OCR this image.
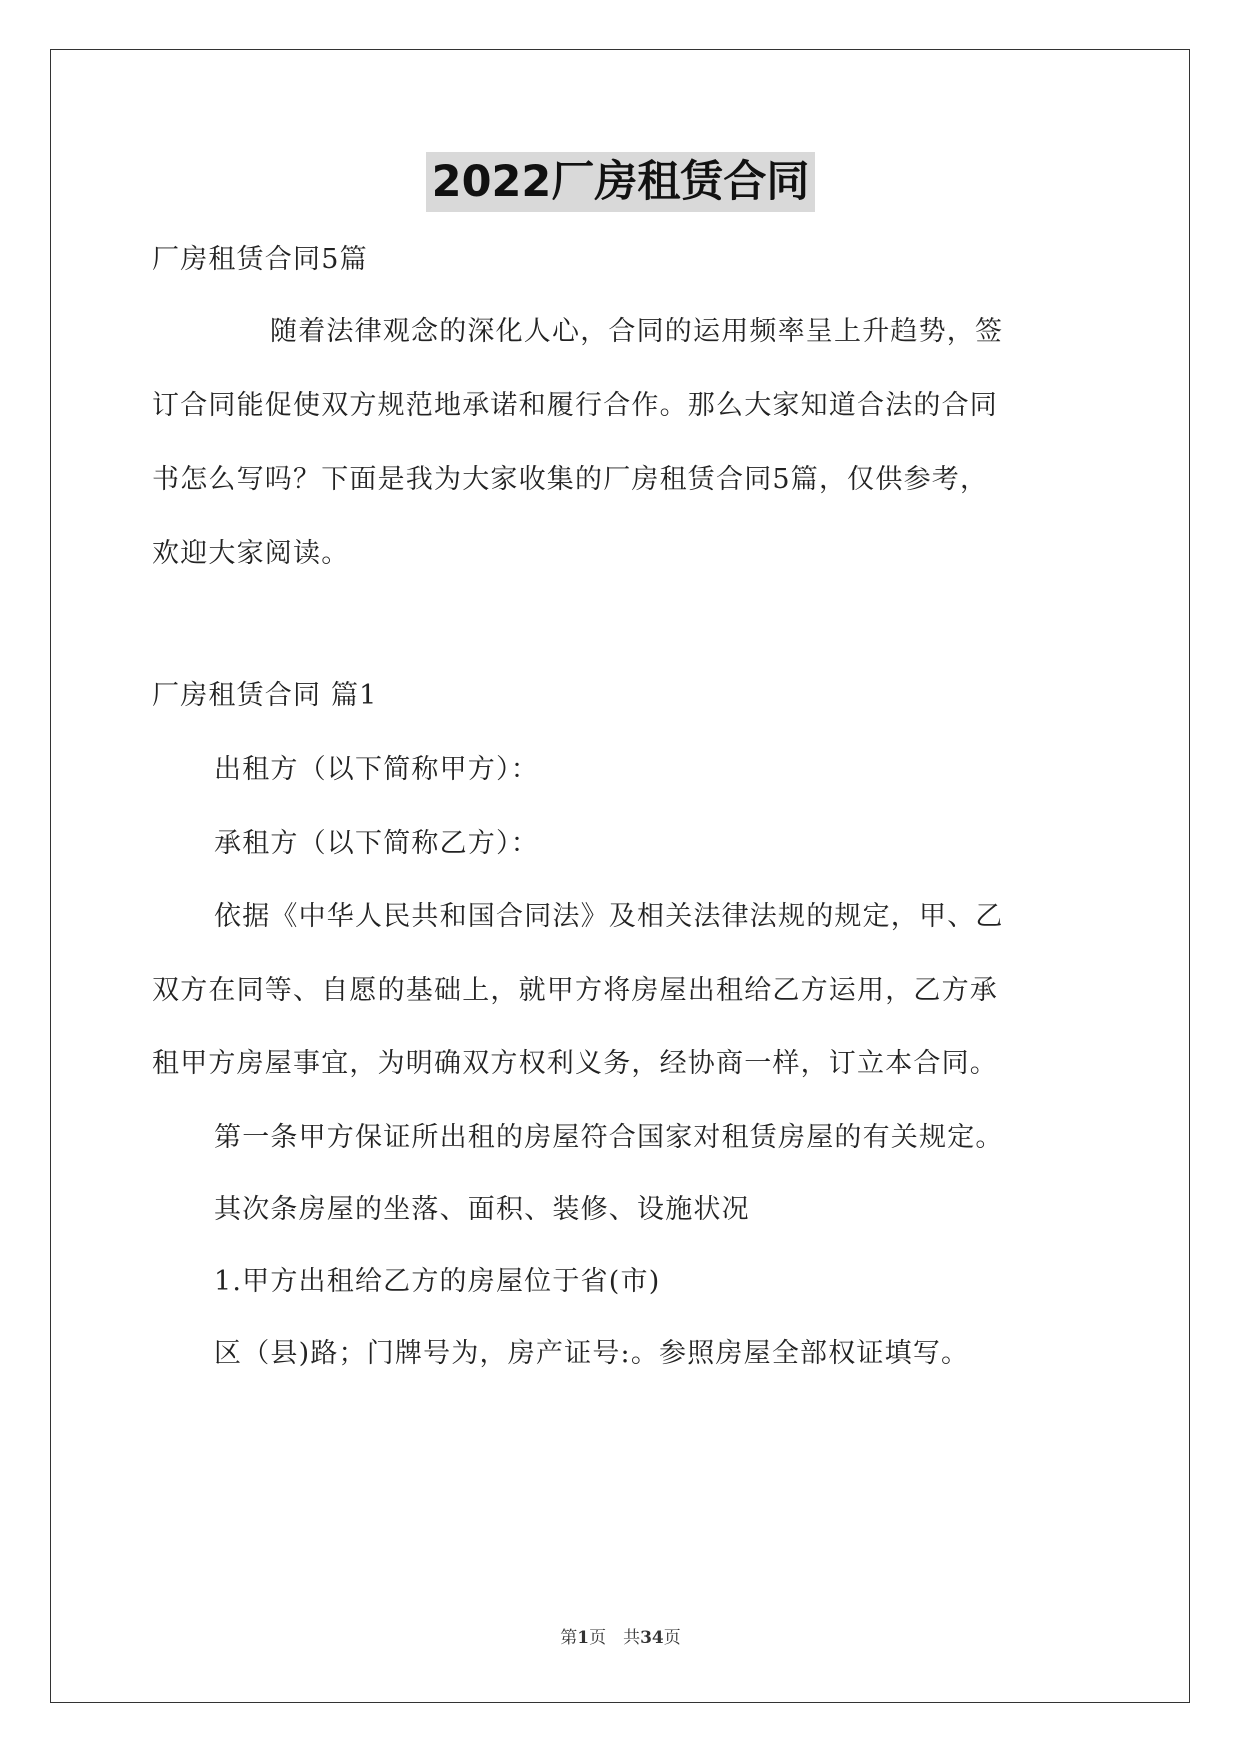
2022厂房租赁合同
厂房租赁合同5篇
随着法律观念的深化人心，合同的运用频率呈上升趋势，签
订合同能促使双方规范地承诺和履行合作。那么大家知道合法的合同
书怎么写吗？下面是我为大家收集的厂房租赁合同5篇，仅供参考，
欢迎大家阅读。
厂房租赁合同 篇1
出租方（以下简称甲方）：
承租方（以下简称乙方）：
依据《中华人民共和国合同法》及相关法律法规的规定，甲、乙
双方在同等、自愿的基础上，就甲方将房屋出租给乙方运用，乙方承
租甲方房屋事宜，为明确双方权利义务，经协商一样，订立本合同。
第一条甲方保证所出租的房屋符合国家对租赁房屋的有关规定。
其次条房屋的坐落、面积、装修、设施状况
1.甲方出租给乙方的房屋位于省(市)
区（县)路；门牌号为，房产证号:。参照房屋全部权证填写。
第1页　共34页
